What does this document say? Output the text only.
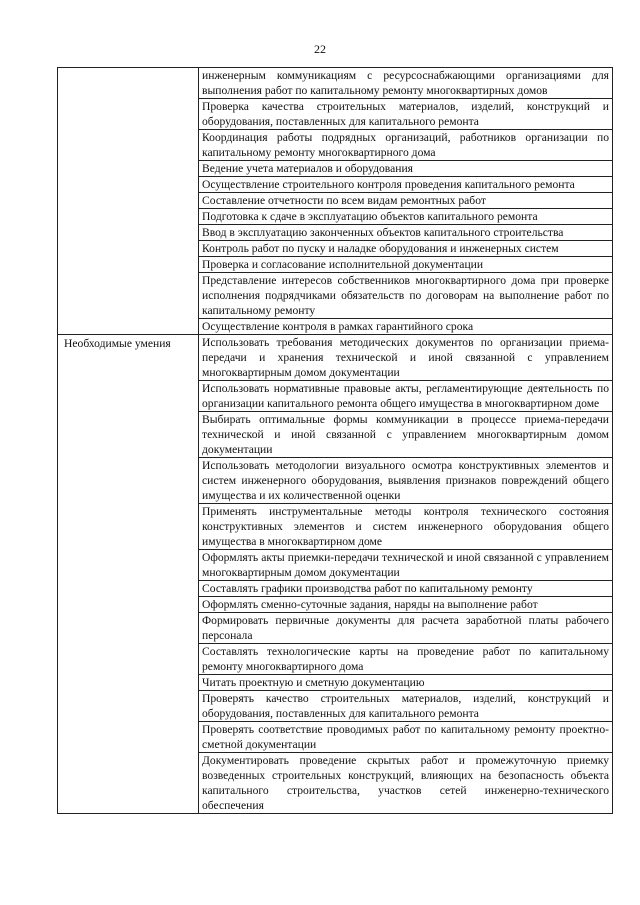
22
	инженерным коммуникациям с ресурсоснабжающими организациями для выполнения работ по капитальному ремонту многоквартирных домов
	Проверка качества строительных материалов, изделий, конструкций и оборудования, поставленных для капитального ремонта
	Координация работы подрядных организаций, работников организации по капитальному ремонту многоквартирного дома
	Ведение учета материалов и оборудования
	Осуществление строительного контроля проведения капитального ремонта
	Составление отчетности по всем видам ремонтных работ
	Подготовка к сдаче в эксплуатацию объектов капитального ремонта
	Ввод в эксплуатацию законченных объектов капитального строительства
	Контроль работ по пуску и наладке оборудования и инженерных систем
	Проверка и согласование исполнительной документации
	Представление интересов собственников многоквартирного дома при проверке исполнения подрядчиками обязательств по договорам на выполнение работ по капитальному ремонту
	Осуществление контроля в рамках гарантийного срока
Необходимые умения	Использовать требования методических документов по организации приема-передачи и хранения технической и иной связанной с управлением многоквартирным домом документации
	Использовать нормативные правовые акты, регламентирующие деятельность по организации капитального ремонта общего имущества в многоквартирном доме
	Выбирать оптимальные формы коммуникации в процессе приема-передачи технической и иной связанной с управлением многоквартирным домом документации
	Использовать методологии визуального осмотра конструктивных элементов и систем инженерного оборудования, выявления признаков повреждений общего имущества и их количественной оценки
	Применять инструментальные методы контроля технического состояния конструктивных элементов и систем инженерного оборудования общего имущества в многоквартирном доме
	Оформлять акты приемки-передачи технической и иной связанной с управлением многоквартирным домом документации
	Составлять графики производства работ по капитальному ремонту
	Оформлять сменно-суточные задания, наряды на выполнение работ
	Формировать первичные документы для расчета заработной платы рабочего персонала
	Составлять технологические карты на проведение работ по капитальному ремонту многоквартирного дома
	Читать проектную и сметную документацию
	Проверять качество строительных материалов, изделий, конструкций и оборудования, поставленных для капитального ремонта
	Проверять соответствие проводимых работ по капитальному ремонту проектно-сметной документации
	Документировать проведение скрытых работ и промежуточную приемку возведенных строительных конструкций, влияющих на безопасность объекта капитального строительства, участков сетей инженерно-технического обеспечения
